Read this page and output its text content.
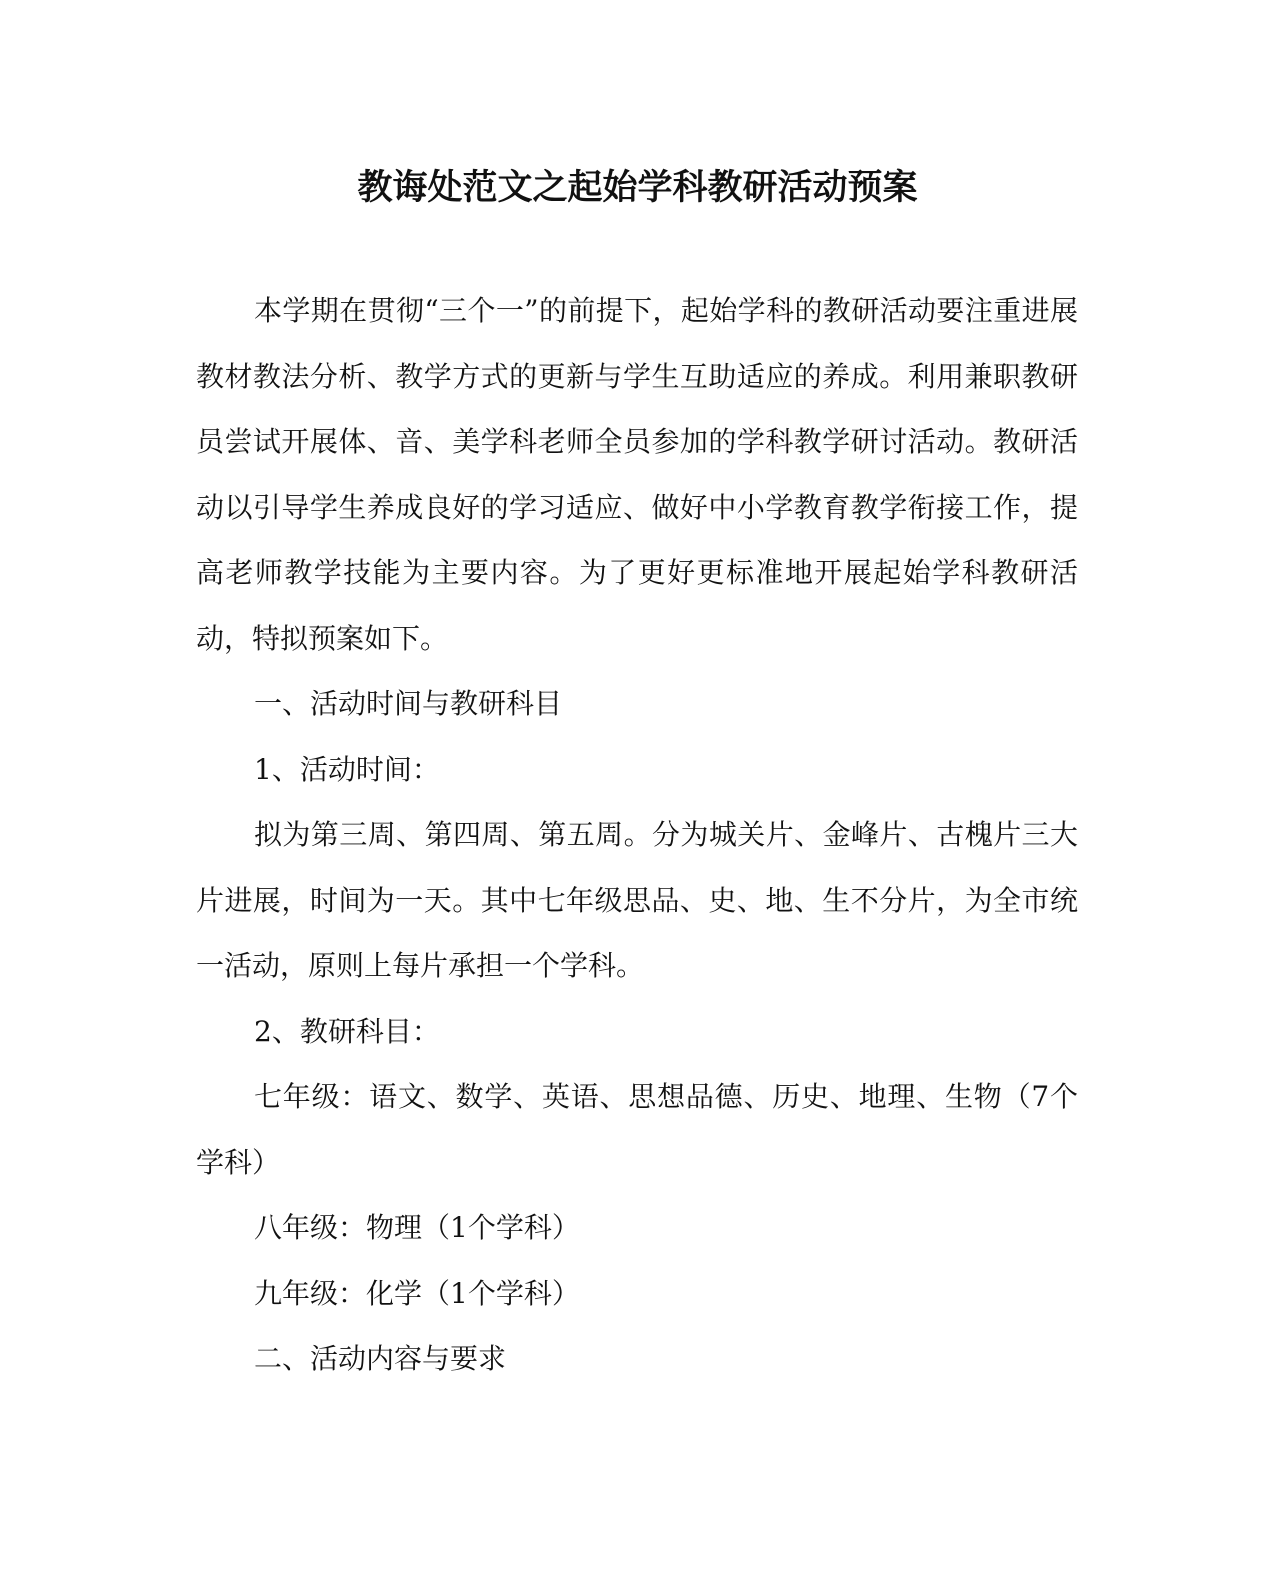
教诲处范文之起始学科教研活动预案

本学期在贯彻“三个一”的前提下，起始学科的教研活动要注重进展教材教法分析、教学方式的更新与学生互助适应的养成。利用兼职教研员尝试开展体、音、美学科老师全员参加的学科教学研讨活动。教研活动以引导学生养成良好的学习适应、做好中小学教育教学衔接工作，提高老师教学技能为主要内容。为了更好更标准地开展起始学科教研活动，特拟预案如下。

一、活动时间与教研科目

1、活动时间：

拟为第三周、第四周、第五周。分为城关片、金峰片、古槐片三大片进展，时间为一天。其中七年级思品、史、地、生不分片，为全市统一活动，原则上每片承担一个学科。

2、教研科目：

七年级：语文、数学、英语、思想品德、历史、地理、生物（7个学科）

八年级：物理（1个学科）

九年级：化学（1个学科）

二、活动内容与要求
